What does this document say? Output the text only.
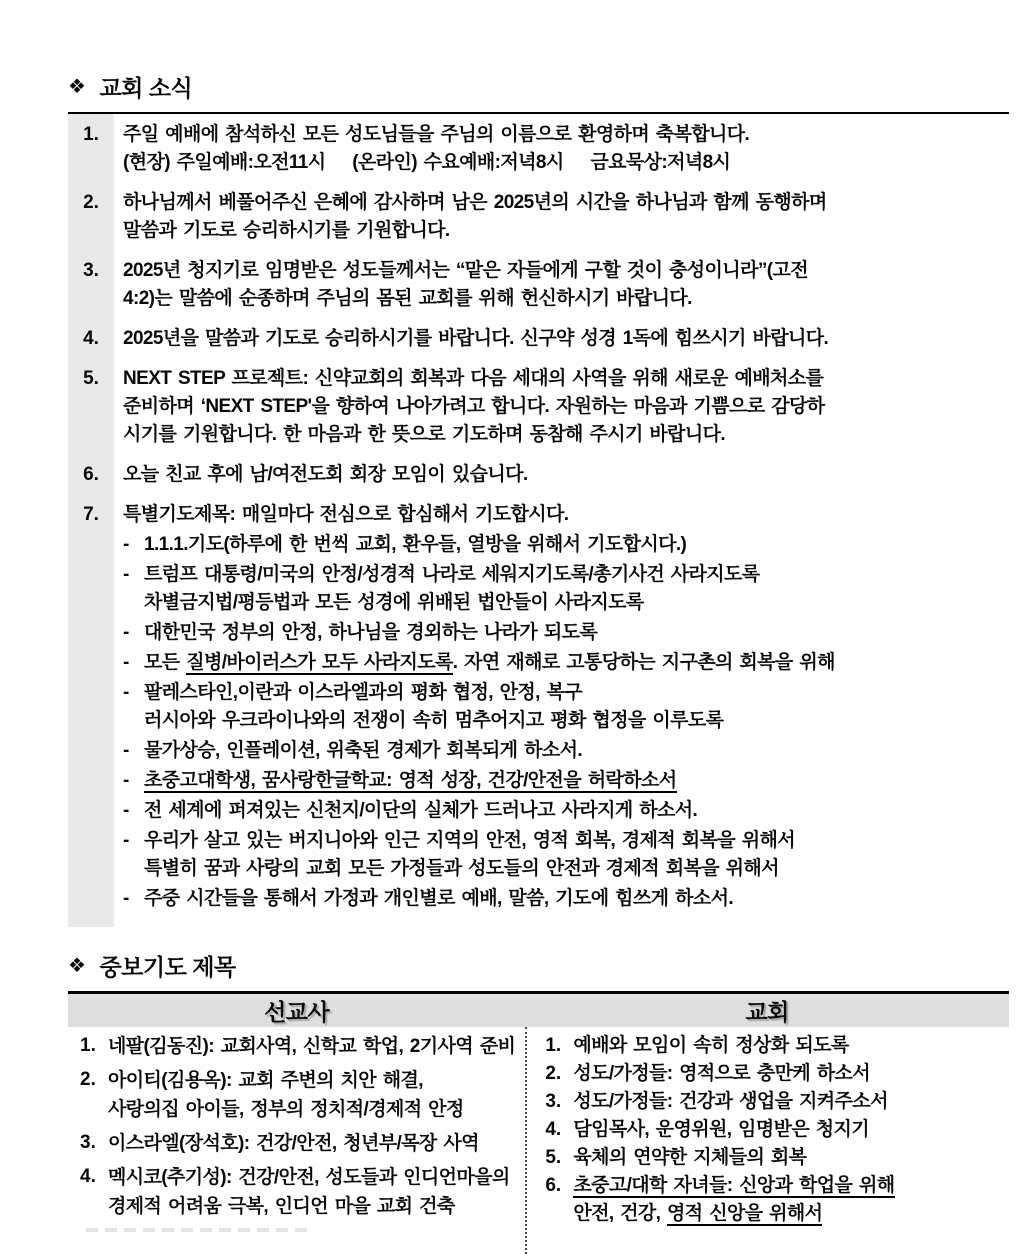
❖ 교회 소식
1.	주일 예배에 참석하신 모든 성도님들을 주님의 이름으로 환영하며 축복합니다.
(현장) 주일예배:오전11시    (온라인) 수요예배:저녁8시    금요묵상:저녁8시
2.	하나님께서 베풀어주신 은혜에 감사하며 남은 2025년의 시간을 하나님과 함께 동행하며
말씀과 기도로 승리하시기를 기원합니다.
3.	2025년 청지기로 임명받은 성도들께서는 “맡은 자들에게 구할 것이 충성이니라”(고전
4:2)는 말씀에 순종하며 주님의 몸된 교회를 위해 헌신하시기 바랍니다.
4.	2025년을 말씀과 기도로 승리하시기를 바랍니다. 신구약 성경 1독에 힘쓰시기 바랍니다.
5.	NEXT STEP 프로젝트: 신약교회의 회복과 다음 세대의 사역을 위해 새로운 예배처소를
준비하며 ‘NEXT STEP'을 향하여 나아가려고 합니다. 자원하는 마음과 기쁨으로 감당하
시기를 기원합니다. 한 마음과 한 뜻으로 기도하며 동참해 주시기 바랍니다.
6.	오늘 친교 후에 남/여전도회 회장 모임이 있습니다.
7.	특별기도제목: 매일마다 전심으로 합심해서 기도합시다.
- 1.1.1.기도(하루에 한 번씩 교회, 환우들, 열방을 위해서 기도합시다.)
- 트럼프 대통령/미국의 안정/성경적 나라로 세워지기도록/총기사건 사라지도록
차별금지법/평등법과 모든 성경에 위배된 법안들이 사라지도록
- 대한민국 정부의 안정, 하나님을 경외하는 나라가 되도록
- 모든 질병/바이러스가 모두 사라지도록. 자연 재해로 고통당하는 지구촌의 회복을 위해
- 팔레스타인,이란과 이스라엘과의 평화 협정, 안정, 복구
러시아와 우크라이나와의 전쟁이 속히 멈추어지고 평화 협정을 이루도록
- 물가상승, 인플레이션, 위축된 경제가 회복되게 하소서.
- 초중고대학생, 꿈사랑한글학교: 영적 성장, 건강/안전을 허락하소서
- 전 세계에 퍼져있는 신천지/이단의 실체가 드러나고 사라지게 하소서.
- 우리가 살고 있는 버지니아와 인근 지역의 안전, 영적 회복, 경제적 회복을 위해서
특별히 꿈과 사랑의 교회 모든 가정들과 성도들의 안전과 경제적 회복을 위해서
- 주중 시간들을 통해서 가정과 개인별로 예배, 말씀, 기도에 힘쓰게 하소서.
❖ 중보기도 제목
선교사	교회
1. 네팔(김동진): 교회사역, 신학교 학업, 2기사역 준비
2. 아이티(김용옥): 교회 주변의 치안 해결,
사랑의집 아이들, 정부의 정치적/경제적 안정
3. 이스라엘(장석호): 건강/안전, 청년부/목장 사역
4. 멕시코(추기성): 건강/안전, 성도들과 인디언마을의
경제적 어려움 극복, 인디언 마을 교회 건축
1. 예배와 모임이 속히 정상화 되도록
2. 성도/가정들: 영적으로 충만케 하소서
3. 성도/가정들: 건강과 생업을 지켜주소서
4. 담임목사, 운영위원, 임명받은 청지기
5. 육체의 연약한 지체들의 회복
6. 초중고/대학 자녀들: 신앙과 학업을 위해
안전, 건강, 영적 신앙을 위해서
